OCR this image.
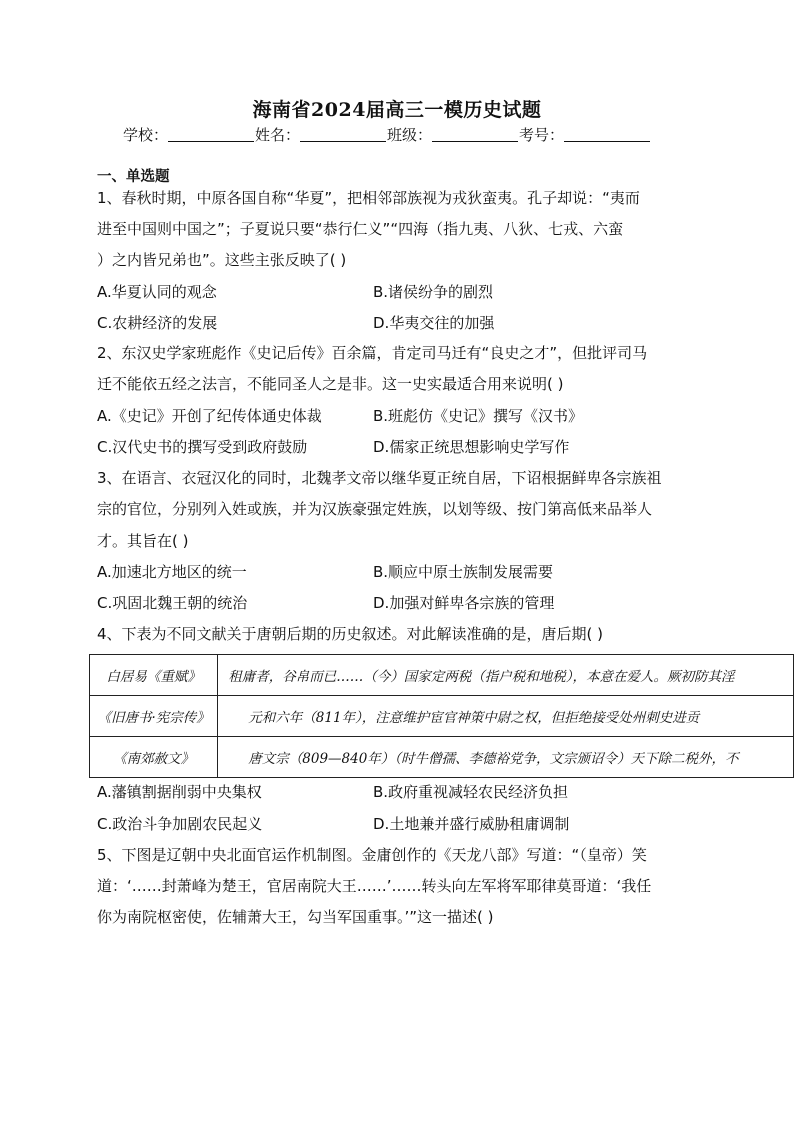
海南省2024届高三一模历史试题
学校：	姓名：	班级：	考号：
一、单选题
1、春秋时期，中原各国自称“华夏”，把相邻部族视为戎狄蛮夷。孔子却说：“夷而
进至中国则中国之”；子夏说只要“恭行仁义”“四海（指九夷、八狄、七戎、六蛮
）之内皆兄弟也”。这些主张反映了( )
A.华夏认同的观念	B.诸侯纷争的剧烈
C.农耕经济的发展	D.华夷交往的加强
2、东汉史学家班彪作《史记后传》百余篇，肯定司马迁有“良史之才”，但批评司马
迁不能依五经之法言，不能同圣人之是非。这一史实最适合用来说明( )
A.《史记》开创了纪传体通史体裁	B.班彪仿《史记》撰写《汉书》
C.汉代史书的撰写受到政府鼓励	D.儒家正统思想影响史学写作
3、在语言、衣冠汉化的同时，北魏孝文帝以继华夏正统自居，下诏根据鲜卑各宗族祖
宗的官位，分别列入姓或族，并为汉族豪强定姓族，以划等级、按门第高低来品举人
才。其旨在( )
A.加速北方地区的统一	B.顺应中原士族制发展需要
C.巩固北魏王朝的统治	D.加强对鲜卑各宗族的管理
4、下表为不同文献关于唐朝后期的历史叙述。对此解读准确的是，唐后期( )
白居易《重赋》	租庸者，谷帛而已……（今）国家定两税（指户税和地税），本意在爱人。厥初防其淫
《旧唐书·宪宗传》	元和六年（811年），注意维护宦官神策中尉之权，但拒绝接受处州刺史进贡
《南郊赦文》	唐文宗（809—840年）（时牛僧孺、李德裕党争，文宗颁诏令）天下除二税外，不
A.藩镇割据削弱中央集权	B.政府重视减轻农民经济负担
C.政治斗争加剧农民起义	D.土地兼并盛行威胁租庸调制
5、下图是辽朝中央北面官运作机制图。金庸创作的《天龙八部》写道：“（皇帝）笑
道：‘……封萧峰为楚王，官居南院大王……’……转头向左军将军耶律莫哥道：‘我任
你为南院枢密使，佐辅萧大王，勾当军国重事。’”这一描述( )
